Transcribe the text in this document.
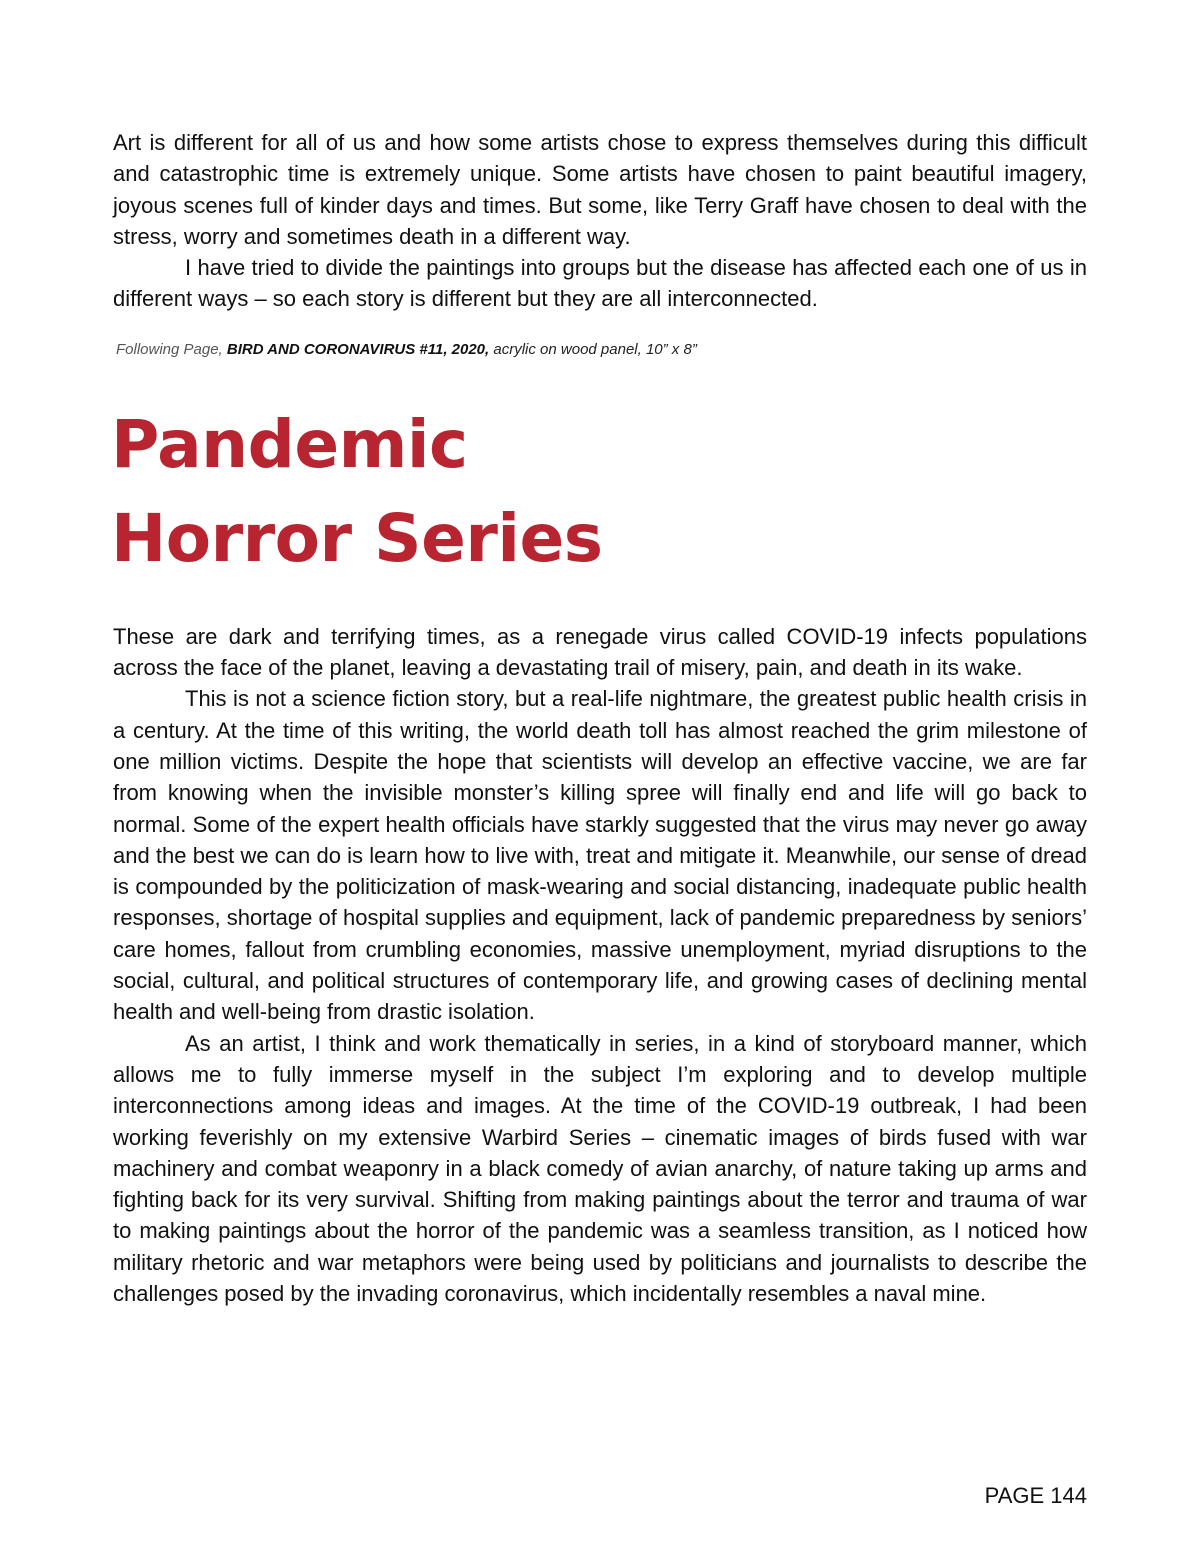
Art is different for all of us and how some artists chose to express themselves during this difficult and catastrophic time is extremely unique. Some artists have chosen to paint beautiful imagery, joyous scenes full of kinder days and times. But some, like Terry Graff have chosen to deal with the stress, worry and sometimes death in a different way.

I have tried to divide the paintings into groups but the disease has affected each one of us in different ways – so each story is different but they are all interconnected.

Following Page, BIRD AND CORONAVIRUS #11, 2020, acrylic on wood panel, 10” x 8”

Pandemic
Horror Series

These are dark and terrifying times, as a renegade virus called COVID-19 infects populations across the face of the planet, leaving a devastating trail of misery, pain, and death in its wake.

This is not a science fiction story, but a real-life nightmare, the greatest public health crisis in a century. At the time of this writing, the world death toll has almost reached the grim milestone of one million victims. Despite the hope that scientists will develop an effective vaccine, we are far from knowing when the invisible monster’s killing spree will finally end and life will go back to normal. Some of the expert health officials have starkly suggested that the virus may never go away and the best we can do is learn how to live with, treat and mitigate it. Meanwhile, our sense of dread is compounded by the politicization of mask-wearing and social distancing, inadequate public health responses, shortage of hospital supplies and equipment, lack of pandemic preparedness by seniors’ care homes, fallout from crumbling economies, massive unemployment, myriad disruptions to the social, cultural, and political structures of contemporary life, and growing cases of declining mental health and well-being from drastic isolation.

As an artist, I think and work thematically in series, in a kind of storyboard manner, which allows me to fully immerse myself in the subject I’m exploring and to develop multiple interconnections among ideas and images. At the time of the COVID-19 outbreak, I had been working feverishly on my extensive Warbird Series – cinematic images of birds fused with war machinery and combat weaponry in a black comedy of avian anarchy, of nature taking up arms and fighting back for its very survival. Shifting from making paintings about the terror and trauma of war to making paintings about the horror of the pandemic was a seamless transition, as I noticed how military rhetoric and war metaphors were being used by politicians and journalists to describe the challenges posed by the invading coronavirus, which incidentally resembles a naval mine.

PAGE 144
